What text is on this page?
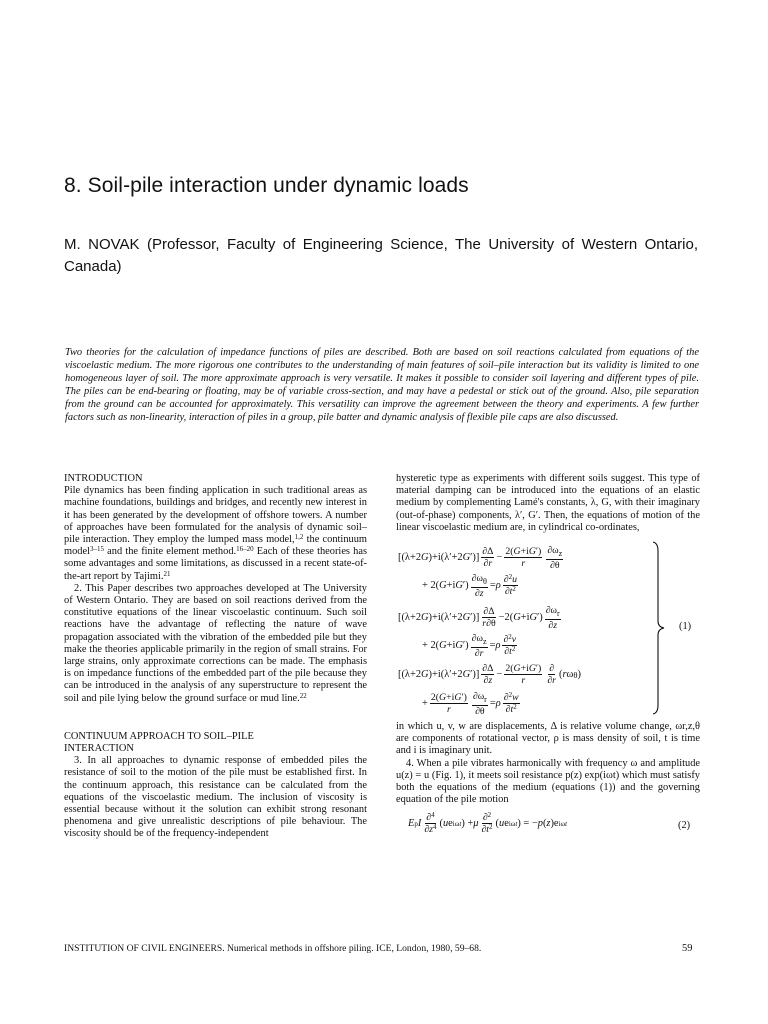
8. Soil-pile interaction under dynamic loads

M. NOVAK (Professor, Faculty of Engineering Science, The University of Western Ontario, Canada)

Two theories for the calculation of impedance functions of piles are described. Both are based on soil reactions calculated from equations of the viscoelastic medium. The more rigorous one contributes to the understanding of main features of soil–pile interaction but its validity is limited to one homogeneous layer of soil. The more approximate approach is very versatile. It makes it possible to consider soil layering and different types of pile. The piles can be end-bearing or floating, may be of variable cross-section, and may have a pedestal or stick out of the ground. Also, pile separation from the ground can be accounted for approximately. This versatility can improve the agreement between the theory and experiments. A few further factors such as non-linearity, interaction of piles in a group, pile batter and dynamic analysis of flexible pile caps are also discussed.

INTRODUCTION

Pile dynamics has been finding application in such traditional areas as machine foundations, buildings and bridges, and recently new interest in it has been generated by the development of offshore towers. A number of approaches have been formulated for the analysis of dynamic soil–pile interaction. They employ the lumped mass model,$^{1,2}$ the continuum model$^{3-15}$ and the finite element method.$^{16-20}$ Each of these theories has some advantages and some limitations, as discussed in a recent state-of-the-art report by Tajimi.$^{21}$

2. This Paper describes two approaches developed at The University of Western Ontario. They are based on soil reactions derived from the constitutive equations of the linear viscoelastic continuum. Such soil reactions have the advantage of reflecting the nature of wave propagation associated with the vibration of the embedded pile but they make the theories applicable primarily in the region of small strains. For large strains, only approximate corrections can be made. The emphasis is on impedance functions of the embedded part of the pile because they can be introduced in the analysis of any superstructure to represent the soil and pile lying below the ground surface or mud line.$^{22}$

CONTINUUM APPROACH TO SOIL–PILE
INTERACTION

3. In all approaches to dynamic response of embedded piles the resistance of soil to the motion of the pile must be established first. In the continuum approach, this resistance can be calculated from the equations of the viscoelastic medium. The inclusion of viscosity is essential because without it the solution can exhibit strong resonant phenomena and give unrealistic descriptions of pile behaviour. The viscosity should be of the frequency-independent

hysteretic type as experiments with different soils suggest. This type of material damping can be introduced into the equations of an elastic medium by complementing Lamé's constants, λ, G, with their imaginary (out-of-phase) components, λ′, G′. Then, the equations of motion of the linear viscoelastic medium are, in cylindrical co-ordinates,

[(λ+2 G )+i(λ′+2 G ′)] $\frac{\partial\Delta}{\partial r} - \frac{2(G+iG')}{r} \frac{\partial\omega_z}{\partial\theta}$
+ 2( G +i G ′) $\frac{\partial\omega_\theta}{\partial z} = \rho \frac{\partial^2u}{\partial t^2}$
[(λ+2 G )+i(λ′+2 G ′)] $\frac{\partial\Delta}{r\partial\theta} -2$( G +i G ′) $\frac{\partial\omega_r}{\partial z}$
+ 2( G +i G ′) $\frac{\partial\omega_z}{\partial r} = \rho \frac{\partial^2v}{\partial t^2}$
[(λ+2 G )+i(λ′+2 G ′)] $\frac{\partial\Delta}{\partial z} - \frac{2(G+iG')}{r} \frac{\partial}{\partial r}$ ( r ω θ )
+ $\frac{2(G+iG')}{r} \frac{\partial\omega_r}{\partial\theta} = \rho \frac{\partial^2w}{\partial t^2}$
(1)

in which u, v, w are displacements, Δ is relative volume change, ωr,z,θ are components of rotational vector, ρ is mass density of soil, t is time and i is imaginary unit.

4. When a pile vibrates harmonically with frequency ω and amplitude u(z) = u (Fig. 1), it meets soil resistance p(z) exp(iωt) which must satisfy both the equations of the medium (equations (1)) and the governing equation of the pile motion

E p I $\frac{\partial^4}{\partial z^4}$ ( u e iωt ) + μ $\frac{\partial^2}{\partial t^2}$ ( u e iωt ) = − p ( z )e iωt	(2)

INSTITUTION OF CIVIL ENGINEERS. Numerical methods in offshore piling. ICE, London, 1980, 59–68.	59
